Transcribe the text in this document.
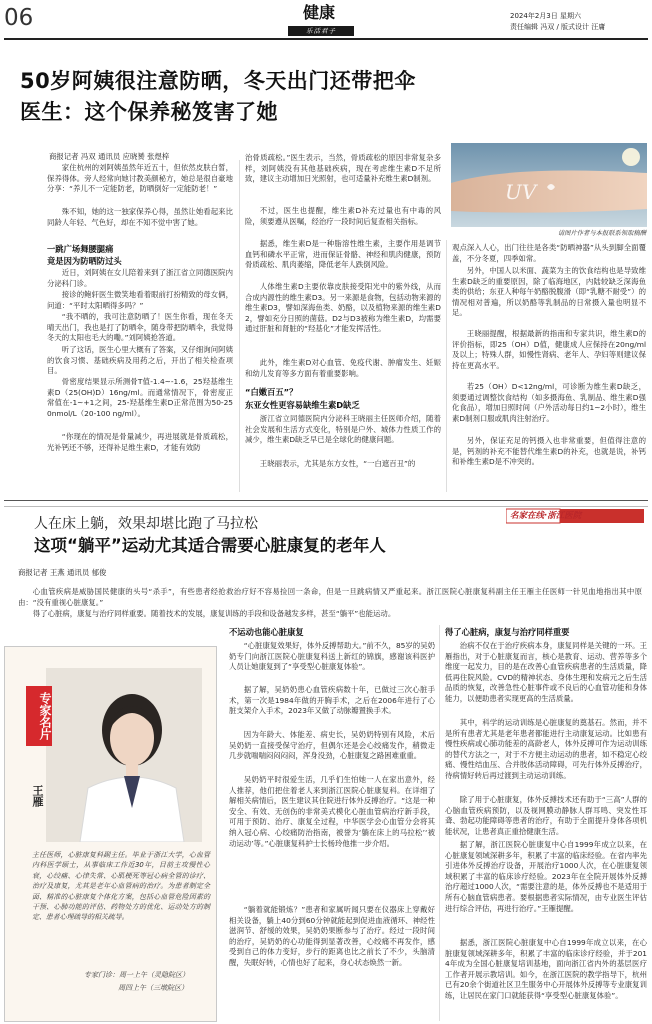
06	健康
乐活君子
2024年2月3日 星期六
责任编辑 冯双 / 版式设计 汪庸
50岁阿姨很注意防晒，冬天出门还带把伞
医生：这个保养秘笈害了她
商报记者 冯双 通讯员 应晓赟 张煜梓
UV
请图片作者与本报联系领取稿酬
家住杭州的刘阿姨虽然年近五十，但依然皮肤白皙，保养得体。旁人经常向她讨教美颜秘方，她总是很自豪地分享：“养儿不一定能防老，防晒倒好一定能防老！”
殊不知，她的这一独家保养心得，虽然让她看起来比同龄人年轻、气色好，却在不知不觉中害了她。
一跳广场舞腰腿痛
竟是因为防晒防过头
近日，刘阿姨在女儿陪着来到了浙江省立同德医院内分泌科门诊。
接诊的鲍轩医生微笑地看着眼前打扮精致的母女俩，问道：“平时太阳晒得多吗？”
“我不晒的，我可注意防晒了！医生你看，现在冬天晴天出门，我也是打了防晒伞，随身带把防晒伞，我觉得冬天的太阳也毛大的嘞。”刘阿姨抢答道。
听了这话，医生心里大概有了答案，又仔细询问阿姨的饮食习惯、基础疾病及用药之后，开出了相关检查项目。
骨密度结果显示所测骨T值-1.4~-1.6，25羟基维生素D（25(OH)D）16ng/ml。而通常情况下，骨密度正常值在-1~+1之间，25-羟基维生素D正常范围为50-250nmol/L（20-100 ng/ml）。
“你现在的情况是骨量减少，再进展就是骨质疏松，光补钙还不够，还得补足维生素D，才能有效防
治骨质疏松。”医生表示，当然，骨质疏松的原因非常复杂多样，刘阿姨没有其他基础疾病，现在考虑维生素D不足所致，建议主动增加日光照射，也可适量补充维生素D制剂。
不过，医生也提醒，维生素D补充过量也有中毒的风险，须要遵从医嘱，经治疗一段时间后复查相关指标。
据悉，维生素D是一种脂溶性维生素，主要作用是调节血钙和磷水平正常，进而保证骨骼、神经和肌肉健康，预防骨质疏松、肌肉萎缩，降低老年人跌倒风险。
人体维生素D主要依靠皮肤接受阳光中的紫外线，从而合成内源性的维生素D3。另一来源是食物，包括动物来源的维生素D3，譬如深海鱼类、奶酪，以及植物来源的维生素D2，譬如充分日照的菌菇。D2与D3被称为维生素D，均需要通过肝脏和肾脏的“羟基化”才能发挥活性。
此外，维生素D对心血管、免疫代谢、肿瘤发生、妊娠和幼儿发育等多方面有着重要影响。
“白嫩百五”？
东亚女性更容易缺维生素D缺乏
浙江省立同德医院内分泌科王晓丽主任医师介绍，随着社会发展和生活方式变化，特别是户外、城体力性质工作的减少，维生素D缺乏早已是全球化的健康问题。
王晓丽表示，尤其是东方女性，“一白遮百丑”的
观点深入人心，出门往往是各类“防晒神器”从头到脚全面覆盖，不分冬夏，四季如常。
另外，中国人以米面、蔬菜为主的饮食结构也是导致维生素D缺乏的重要原因，除了临海地区，内陆较缺乏深海鱼类的供给；东亚人种每午奶酪脱腹滑（即“乳糖不耐受”）的情况相对普遍，所以奶酪等乳制品的日常摄入量也明显不足。
王晓丽提醒，根据最新的指南和专家共识，维生素D的评价指标，即25（OH）D值，健康成人应保持在20ng/ml及以上；特殊人群，如慢性肾病、老年人、孕妇等则建议保持在更高水平。
若25（OH）D<12ng/ml，可诊断为维生素D缺乏，须要通过调整饮食结构（如多摄海鱼、乳制品、维生素D强化食品），增加日照时间（户外活动每日约1~2小时），维生素D制剂口服或肌肉注射治疗。
另外，保证充足的钙摄入也非常重要，但值得注意的是，钙剂的补充不能替代维生素D的补充，也就是说，补钙和补维生素D是不冲突的。
人在床上躺，效果却堪比跑了马拉松
这项“躺平”运动尤其适合需要心脏康复的老年人
名家在线·浙江医院
商报记者 王燕 通讯员 郁俊
心血管疾病是威胁国民健康的头号“杀手”，有些患者经抢救治疗好不容易捡回一条命，但是一旦跳病情又严重起来。浙江医院心脏康复科副主任王雁主任医师一针见血地指出其中原由：“没有重视心脏康复。”
得了心脏病，康复与治疗同样重要。随着技术的发展，康复训练的手段和设备越发多样，甚至“躺平”也能运动。
专家名片
王雁
主任医师，心脏康复科副主任。毕业于浙江大学，心血管内科医学硕士，从事临床工作近30年，目前主攻慢性心衰，心绞痛、心律失常、心肌梗死等冠心病全管的诊疗、治疗及康复，尤其是老年心血管病的治疗。为患者制定全面、精准的心脏康复个体化方案，包括心血管危险因素的干预、心肺功能的评估、药物处方的优化、运动处方的制定、患者心理疏导的相关疏导。
专家门诊：周一上午（灵隐院区）
周四上午（三墩院区）
不运动也能心脏康复
“心脏康复效果好，体外反搏帮助大。”前不久，85岁的吴奶奶专门向浙江医院心脏康复科送上新红的锦旗，感谢该科医护人员让她康复到了“享受型心脏康复体验”。
据了解，吴奶奶患心血管疾病数十年，已做过三次心脏手术，第一次是1984年做的开胸手术，之后在2006年进行了心脏支架介入手术，2023年又做了动脉瓣置换手术。
因为年龄大、体能差、病史长，吴奶奶特别有风险，术后吴奶奶一直接受保守治疗，但偶尔还是会心绞痛发作，稍微走几步就喘喘闷闷闷闷，浑身没劲，心脏康复之路困难重重。
吴奶奶平时很爱生活，几乎们生怕她一人在家出意外，经人推荐，他们把住着老人来到浙江医院心脏康复科。在详细了解相关病情后，医生建议其住院进行体外反搏治疗。“这是一种安全、有效、无创伤的非常美式模化心脏血管病治疗新手段，可用于预防、治疗、康复全过程，中华医学会心血管分会将其纳入冠心病、心绞痛防治指南，被誉为‘躺在床上的马拉松’‘被动运动’等。”心脏康复科护士长杨玲他推一步介绍。
“躺着就能锻炼？”患者和家属听闻只要在仪器床上穿戴好相关设备，躺上40分到60分钟就能起到促进血液循环、神经性滋润节、舒缓的效果，吴奶奶果断参与了治疗。经过一段时间的治疗，吴奶奶的心功能得到显著改善，心绞痛不再发作，感受到自己的体力变好，步行的距离也比之前长了不少，头脑清醒，失眠好转，心情也好了起来，身心状态焕然一新。
得了心脏病，康复与治疗同样重要
治病不仅在于治疗疾病本身，康复同样是关键的一环。王雁指出，对于心脏康复而言，核心是教育、运动、营养等多个维度一起发力，目的是在改善心血管疾病患者的生活质量，降低再住院风险。CVD的精神状态、身体生理和发病元之后生活品质的恢复，改善急性心脏事件或不良后的心血管功能和身体能力，以便助患者实现更高的生活质量。
其中，科学的运动训练是心脏康复的奠基石。然而，并不是所有患者尤其是老年患者都能进行主动康复运动。比如患有慢性疾病或心肺功能差的高龄老人，体外反搏可作为运动训练的替代方法之一，对于不方便主动运动的患者，如不稳定心绞痛、慢性结血压、合并肢体活动障碍，可先行体外反搏治疗，待病情好转后再过渡到主动运动训练。
除了用于心脏康复，体外反搏技术还有助于“三高”人群的心脑血管疾病预防，以及视网膜动静脉人群耳鸣、突发性耳聋、勃起功能障碍等患者的治疗，有助于全面提升身体各项机能状况，让患者真正重拾健康生活。
据了解，浙江医院心脏康复中心自1999年成立以来，在心脏康复领域深耕多年，积累了丰富的临床经验。在省内率先引进体外反搏治疗设备，开展治疗1000人次，在心脏康复领域积累了丰富的临床诊疗经验。2023年在全院开展体外反搏治疗超过1000人次，“需要注意的是，体外反搏也不是适用于所有心脑血管病患者。要根据患者实际情况，由专业医生评估进行综合评估，再进行治疗。”王雁提醒。
据悉，浙江医院心脏康复中心自1999年成立以来，在心脏康复领域深耕多年，积累了丰富的临床诊疗经验，并于2014年成为全国心脏康复培训基地，面向浙江省内外的基层医疗工作者开展示教培训。如今，在浙江医院的教学指导下，杭州已有20余个街道社区卫生服务中心开展体外反搏等专业康复训练，让居民在家门口就能获得“享受型心脏康复体验”。
